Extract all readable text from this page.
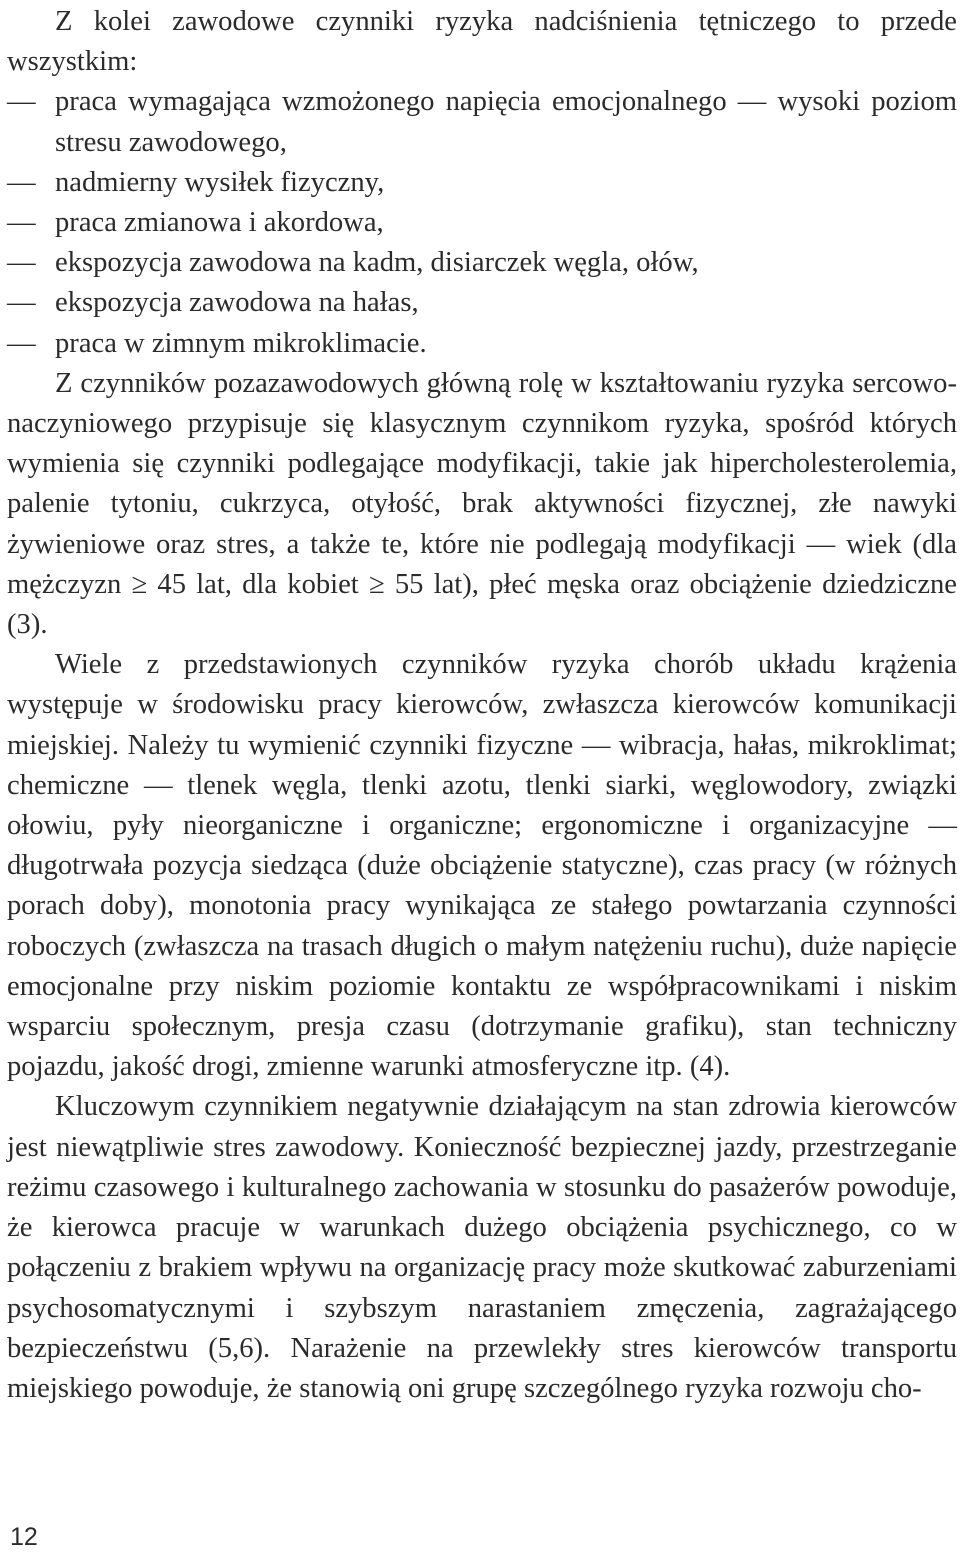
Z kolei zawodowe czynniki ryzyka nadciśnienia tętniczego to przede wszystkim:

— praca wymagająca wzmożonego napięcia emocjonalnego — wysoki poziom stresu zawodowego,
— nadmierny wysiłek fizyczny,
— praca zmianowa i akordowa,
— ekspozycja zawodowa na kadm, disiarczek węgla, ołów,
— ekspozycja zawodowa na hałas,
— praca w zimnym mikroklimacie.

Z czynników pozazawodowych główną rolę w kształtowaniu ryzyka sercowo-naczyniowego przypisuje się klasycznym czynnikom ryzyka, spośród których wymienia się czynniki podlegające modyfikacji, takie jak hipercholesterolemia, palenie tytoniu, cukrzyca, otyłość, brak aktywności fizycznej, złe nawyki żywieniowe oraz stres, a także te, które nie podlegają modyfikacji — wiek (dla mężczyzn ≥ 45 lat, dla kobiet ≥ 55 lat), płeć męska oraz obciążenie dziedziczne (3).

Wiele z przedstawionych czynników ryzyka chorób układu krążenia występuje w środowisku pracy kierowców, zwłaszcza kierowców komunikacji miejskiej. Należy tu wymienić czynniki fizyczne — wibracja, hałas, mikroklimat; chemiczne — tlenek węgla, tlenki azotu, tlenki siarki, węglowodory, związki ołowiu, pyły nieorganiczne i organiczne; ergonomiczne i organizacyjne — długotrwała pozycja siedząca (duże obciążenie statyczne), czas pracy (w różnych porach doby), monotonia pracy wynikająca ze stałego powtarzania czynności roboczych (zwłaszcza na trasach długich o małym natężeniu ruchu), duże napięcie emocjonalne przy niskim poziomie kontaktu ze współpracownikami i niskim wsparciu społecznym, presja czasu (dotrzymanie grafiku), stan techniczny pojazdu, jakość drogi, zmienne warunki atmosferyczne itp. (4).

Kluczowym czynnikiem negatywnie działającym na stan zdrowia kierowców jest niewątpliwie stres zawodowy. Konieczność bezpiecznej jazdy, przestrzeganie reżimu czasowego i kulturalnego zachowania w stosunku do pasażerów powoduje, że kierowca pracuje w warunkach dużego obciążenia psychicznego, co w połączeniu z brakiem wpływu na organizację pracy może skutkować zaburzeniami psychosomatycznymi i szybszym narastaniem zmęczenia, zagrażającego bezpieczeństwu (5,6). Narażenie na przewlekły stres kierowców transportu miejskiego powoduje, że stanowią oni grupę szczególnego ryzyka rozwoju cho-

12
